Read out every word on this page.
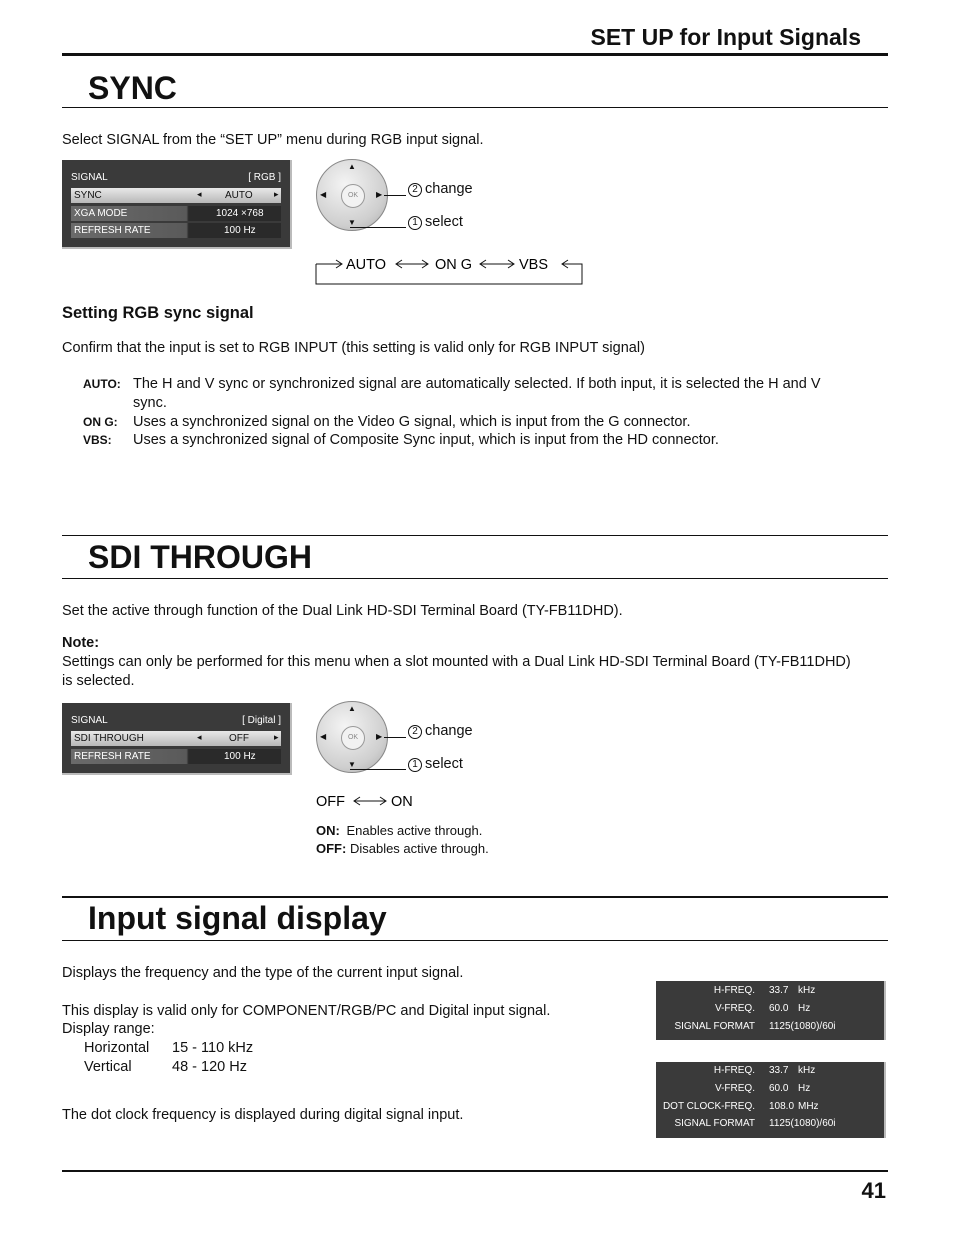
SET UP for Input Signals
SYNC
Select SIGNAL from the “SET UP” menu during RGB input signal.
SIGNAL	[ RGB ]
SYNC	◂ AUTO ▸
XGA MODE	1024 ×768
REFRESH RATE	100 Hz
▲
▼
◀	▶
OK
2 change
1 select
AUTO	ON G	VBS
Setting RGB sync signal
Confirm that the input is set to RGB INPUT (this setting is valid only for RGB INPUT signal)
AUTO: The H and V sync or synchronized signal are automatically selected. If both input, it is selected the H and V
sync.
ON G: Uses a synchronized signal on the Video G signal, which is input from the G connector.
VBS: Uses a synchronized signal of Composite Sync input, which is input from the HD connector.
SDI THROUGH
Set the active through function of the Dual Link HD-SDI Terminal Board (TY-FB11DHD).
Note:
Settings can only be performed for this menu when a slot mounted with a Dual Link HD-SDI Terminal Board (TY-FB11DHD)
is selected.
SIGNAL	[ Digital ]
SDI THROUGH	◂	OFF	▸
REFRESH RATE	100 Hz
▲
▼
◀	▶
OK
2 change
1 select
OFF	ON
ON: Enables active through.
OFF: Disables active through.
Input signal display
Displays the frequency and the type of the current input signal.
This display is valid only for COMPONENT/RGB/PC and Digital input signal.
Display range:
Horizontal 15 - 110 kHz
Vertical	48 - 120 Hz
The dot clock frequency is displayed during digital signal input.
H-FREQ. 33.7 kHz
V-FREQ. 60.0 Hz
SIGNAL FORMAT 1125(1080)/60i
H-FREQ. 33.7 kHz
V-FREQ. 60.0 Hz
DOT CLOCK-FREQ. 108.0 MHz
SIGNAL FORMAT 1125(1080)/60i
41
